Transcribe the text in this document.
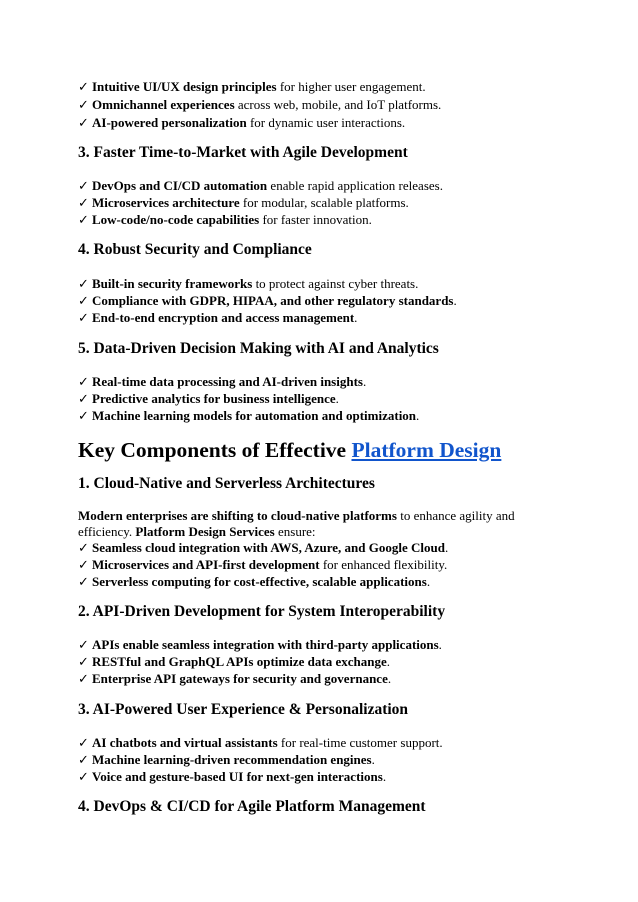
✓ Intuitive UI/UX design principles for higher user engagement.
✓ Omnichannel experiences across web, mobile, and IoT platforms.
✓ AI-powered personalization for dynamic user interactions.
3. Faster Time-to-Market with Agile Development
✓ DevOps and CI/CD automation enable rapid application releases.
✓ Microservices architecture for modular, scalable platforms.
✓ Low-code/no-code capabilities for faster innovation.
4. Robust Security and Compliance
✓ Built-in security frameworks to protect against cyber threats.
✓ Compliance with GDPR, HIPAA, and other regulatory standards.
✓ End-to-end encryption and access management.
5. Data-Driven Decision Making with AI and Analytics
✓ Real-time data processing and AI-driven insights.
✓ Predictive analytics for business intelligence.
✓ Machine learning models for automation and optimization.
Key Components of Effective Platform Design
1. Cloud-Native and Serverless Architectures
Modern enterprises are shifting to cloud-native platforms to enhance agility and
efficiency. Platform Design Services ensure:
✓ Seamless cloud integration with AWS, Azure, and Google Cloud.
✓ Microservices and API-first development for enhanced flexibility.
✓ Serverless computing for cost-effective, scalable applications.
2. API-Driven Development for System Interoperability
✓ APIs enable seamless integration with third-party applications.
✓ RESTful and GraphQL APIs optimize data exchange.
✓ Enterprise API gateways for security and governance.
3. AI-Powered User Experience & Personalization
✓ AI chatbots and virtual assistants for real-time customer support.
✓ Machine learning-driven recommendation engines.
✓ Voice and gesture-based UI for next-gen interactions.
4. DevOps & CI/CD for Agile Platform Management
